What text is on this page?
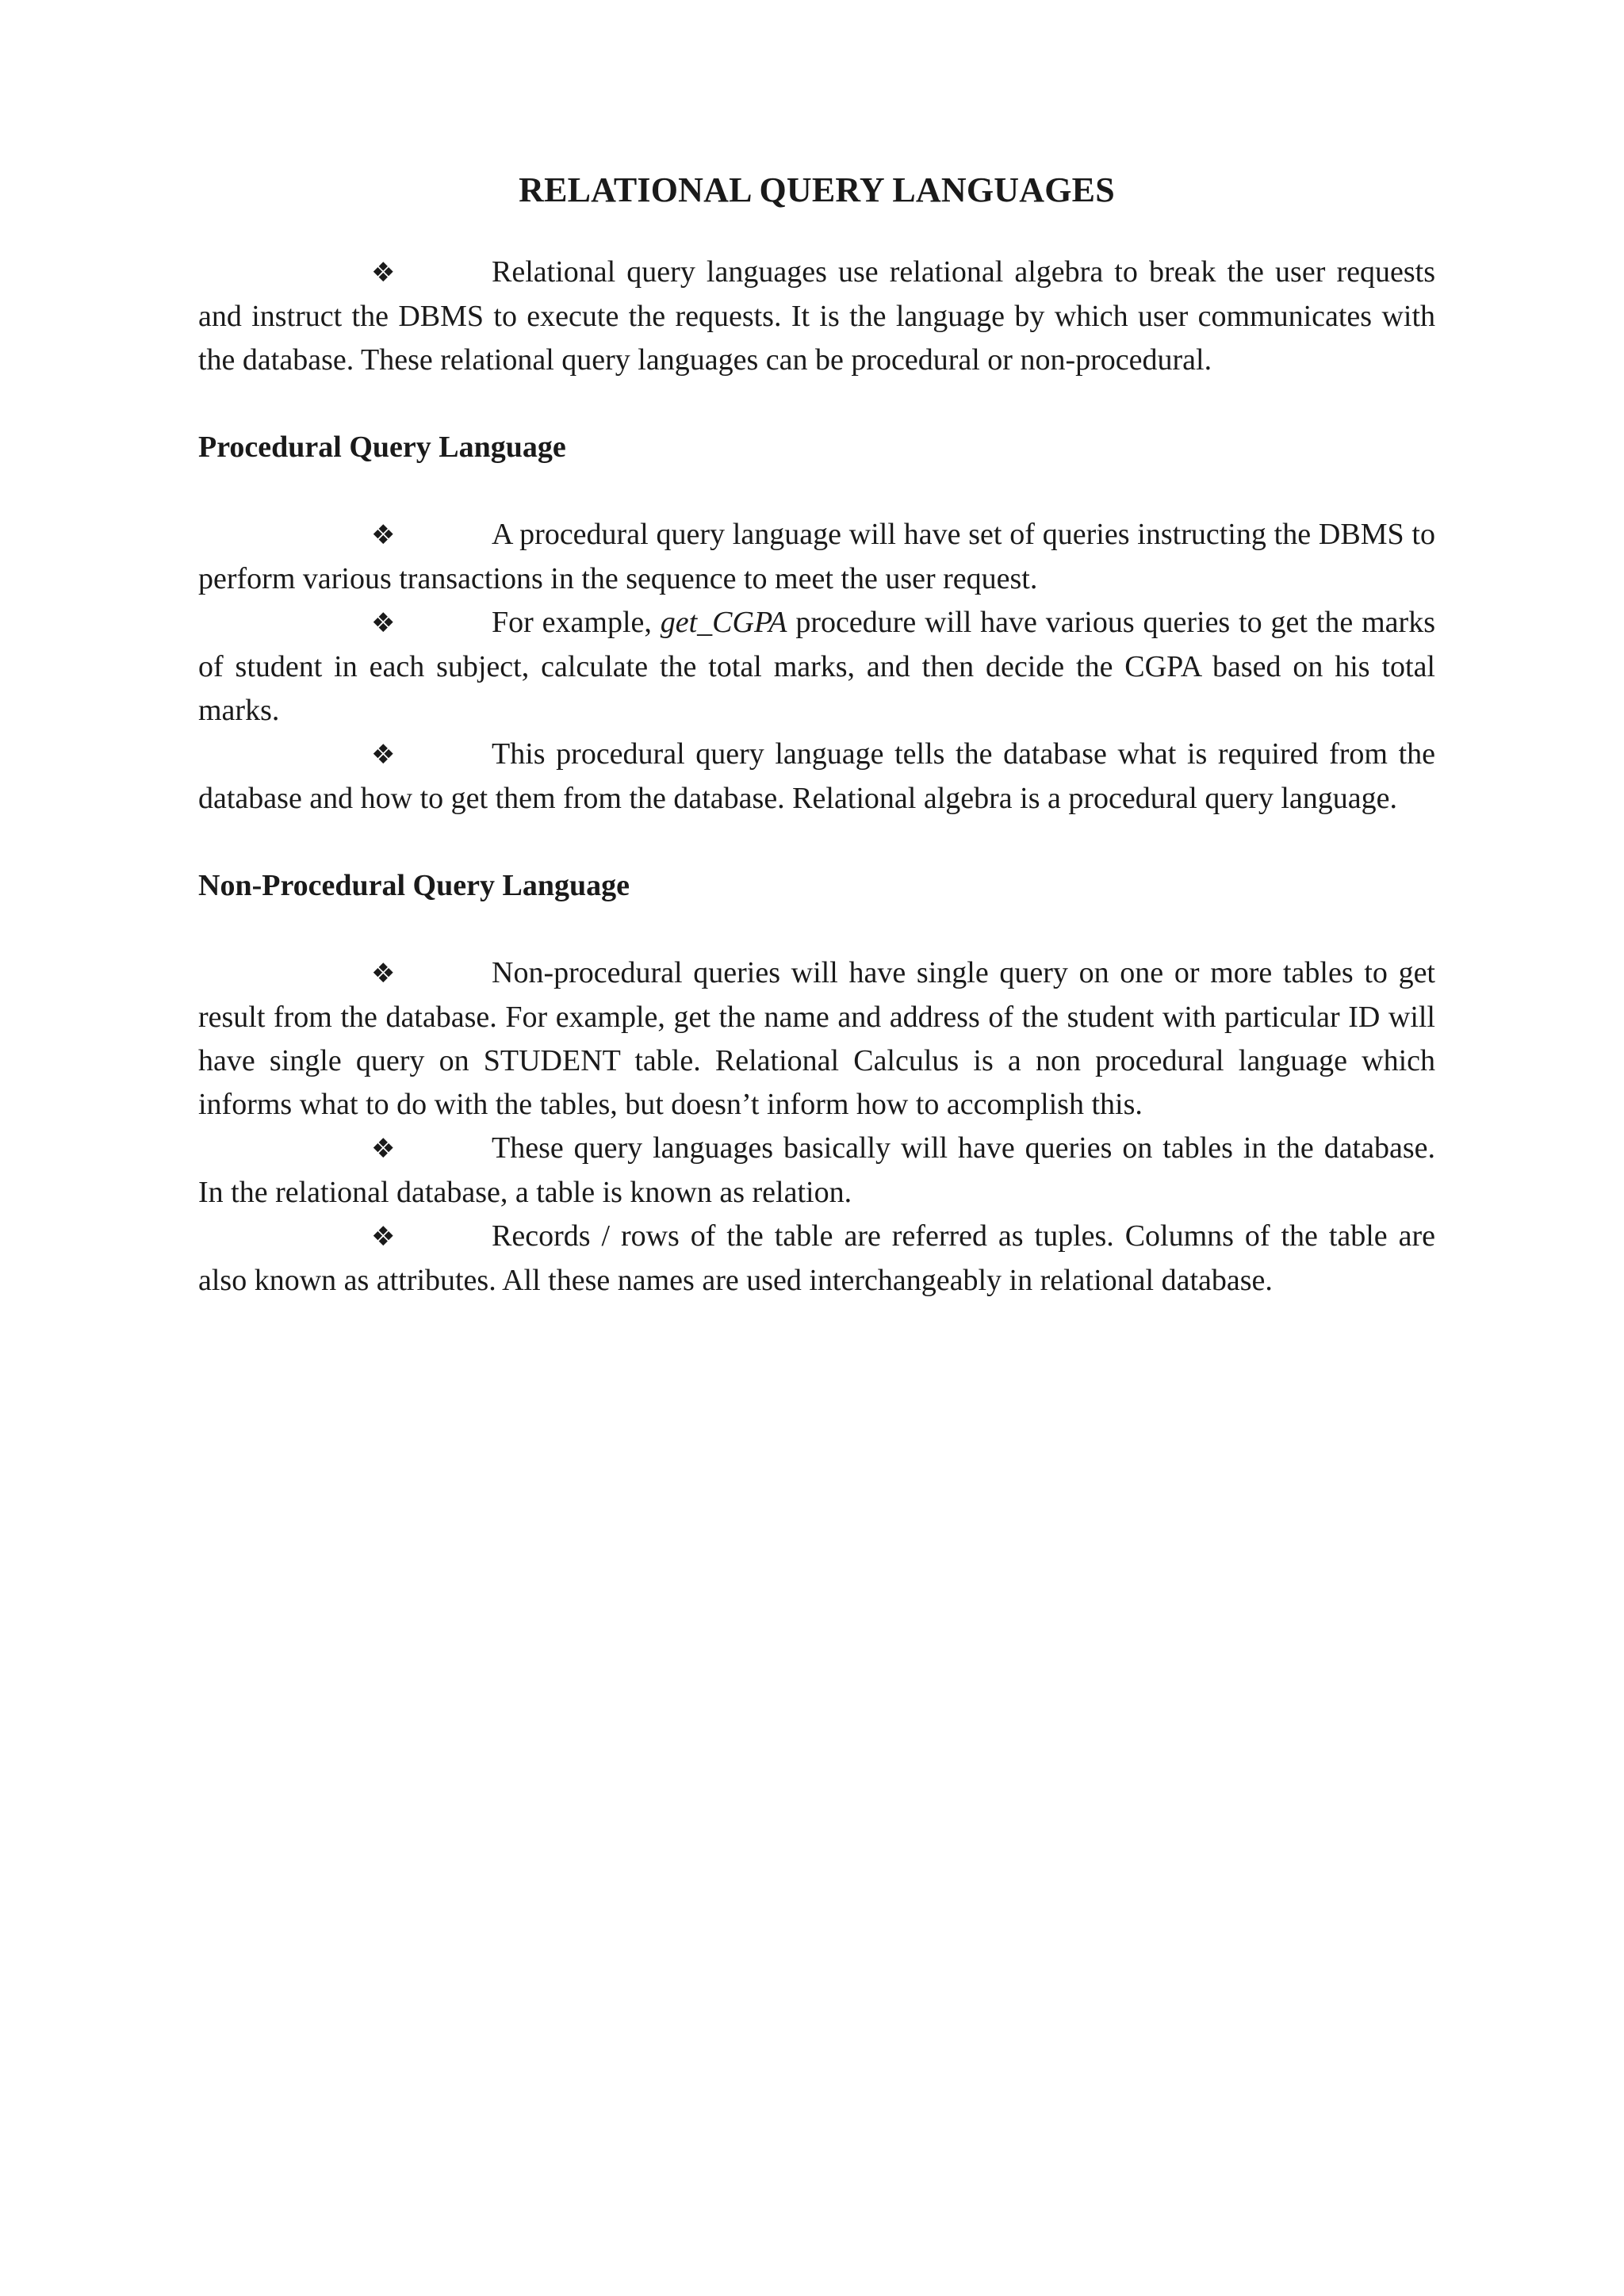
RELATIONAL QUERY LANGUAGES

❖	Relational query languages use relational algebra to break the user requests and instruct the DBMS to execute the requests. It is the language by which user communicates with the database. These relational query languages can be procedural or non-procedural.

Procedural Query Language

❖	A procedural query language will have set of queries instructing the DBMS to perform various transactions in the sequence to meet the user request.

❖	For example, get_CGPA procedure will have various queries to get the marks of student in each subject, calculate the total marks, and then decide the CGPA based on his total marks.

❖	This procedural query language tells the database what is required from the database and how to get them from the database. Relational algebra is a procedural query language.

Non-Procedural Query Language

❖	Non-procedural queries will have single query on one or more tables to get result from the database. For example, get the name and address of the student with particular ID will have single query on STUDENT table. Relational Calculus is a non procedural language which informs what to do with the tables, but doesn’t inform how to accomplish this.

❖	These query languages basically will have queries on tables in the database. In the relational database, a table is known as relation.

❖	Records / rows of the table are referred as tuples. Columns of the table are also known as attributes. All these names are used interchangeably in relational database.
